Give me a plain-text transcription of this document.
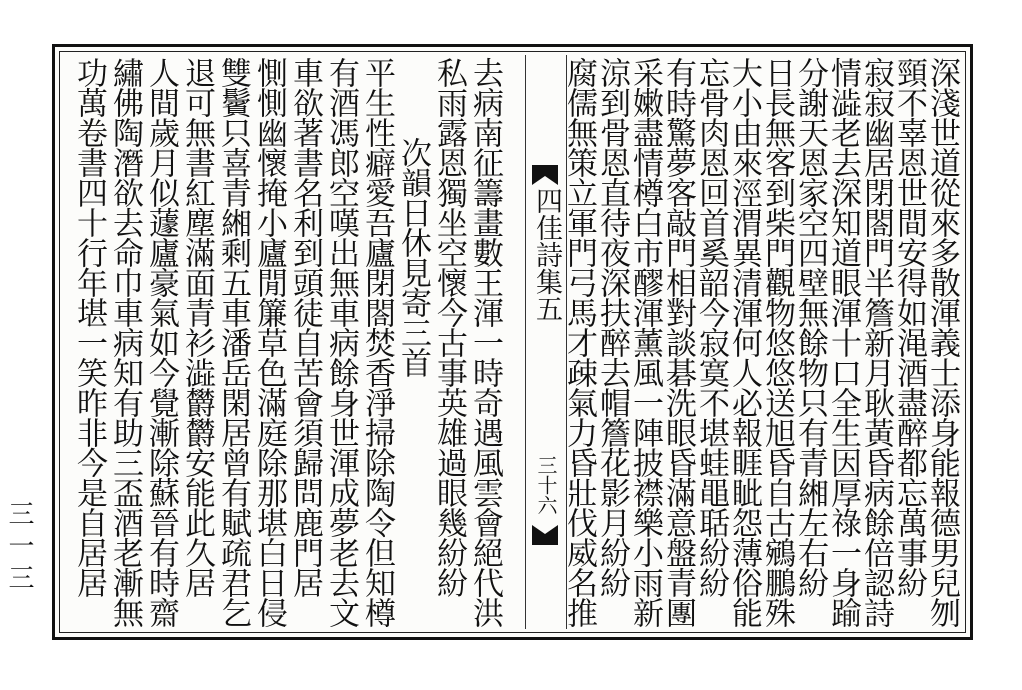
三一三	深淺世道從來多散渾義士添身能報德男兒刎
頸不辜恩世間安得如渑酒盡醉都忘萬事紛
寂寂幽居閉閤門半簷新月耿黃昏病餘倍認詩
情澁老去深知道眼渾十口全生因厚祿一身踰
分謝天恩家空四壁無餘物只有青緗左右紛
日長無客到柴門觀物悠悠送旭昏自古鵷鵬殊
大小由來涇渭異清渾何人必報睚眦怨薄俗能
忘骨肉恩回首奚韶今寂寞不堪蛙黽聒紛紛
有時驚夢客敲門相對談碁洗眼昏滿意盤青團
采嫩盡情樽白市醪渾薰風一陣披襟樂小雨新
涼到骨恩直待夜深扶醉去帽簷花影月紛紛
腐儒無策立軍門弓馬才疎氣力昏壯伐威名推
四佳詩集五
三十六
去病南征籌畫數王渾一時奇遇風雲會絕代洪
私雨露恩獨坐空懷今古事英雄過眼幾紛紛
次韻日休見寄三首
平生性癖愛吾廬閉閤焚香淨掃除陶令但知樽
有酒馮郎空嘆出無車病餘身世渾成夢老去文
車欲著書名利到頭徒自苦會須歸問鹿門居
惻惻幽懷掩小廬閒簾草色滿庭除那堪白日侵
雙鬢只喜青緗剩五車潘岳閑居曾有賦疏君乞
退可無書紅塵滿面青衫澁欝欝安能此久居
人間歲月似蘧廬豪氣如今覺漸除蘇晉有時齋
繡佛陶潛欲去命巾車病知有助三盃酒老漸無
功萬卷書四十行年堪一笑昨非今是自居居
